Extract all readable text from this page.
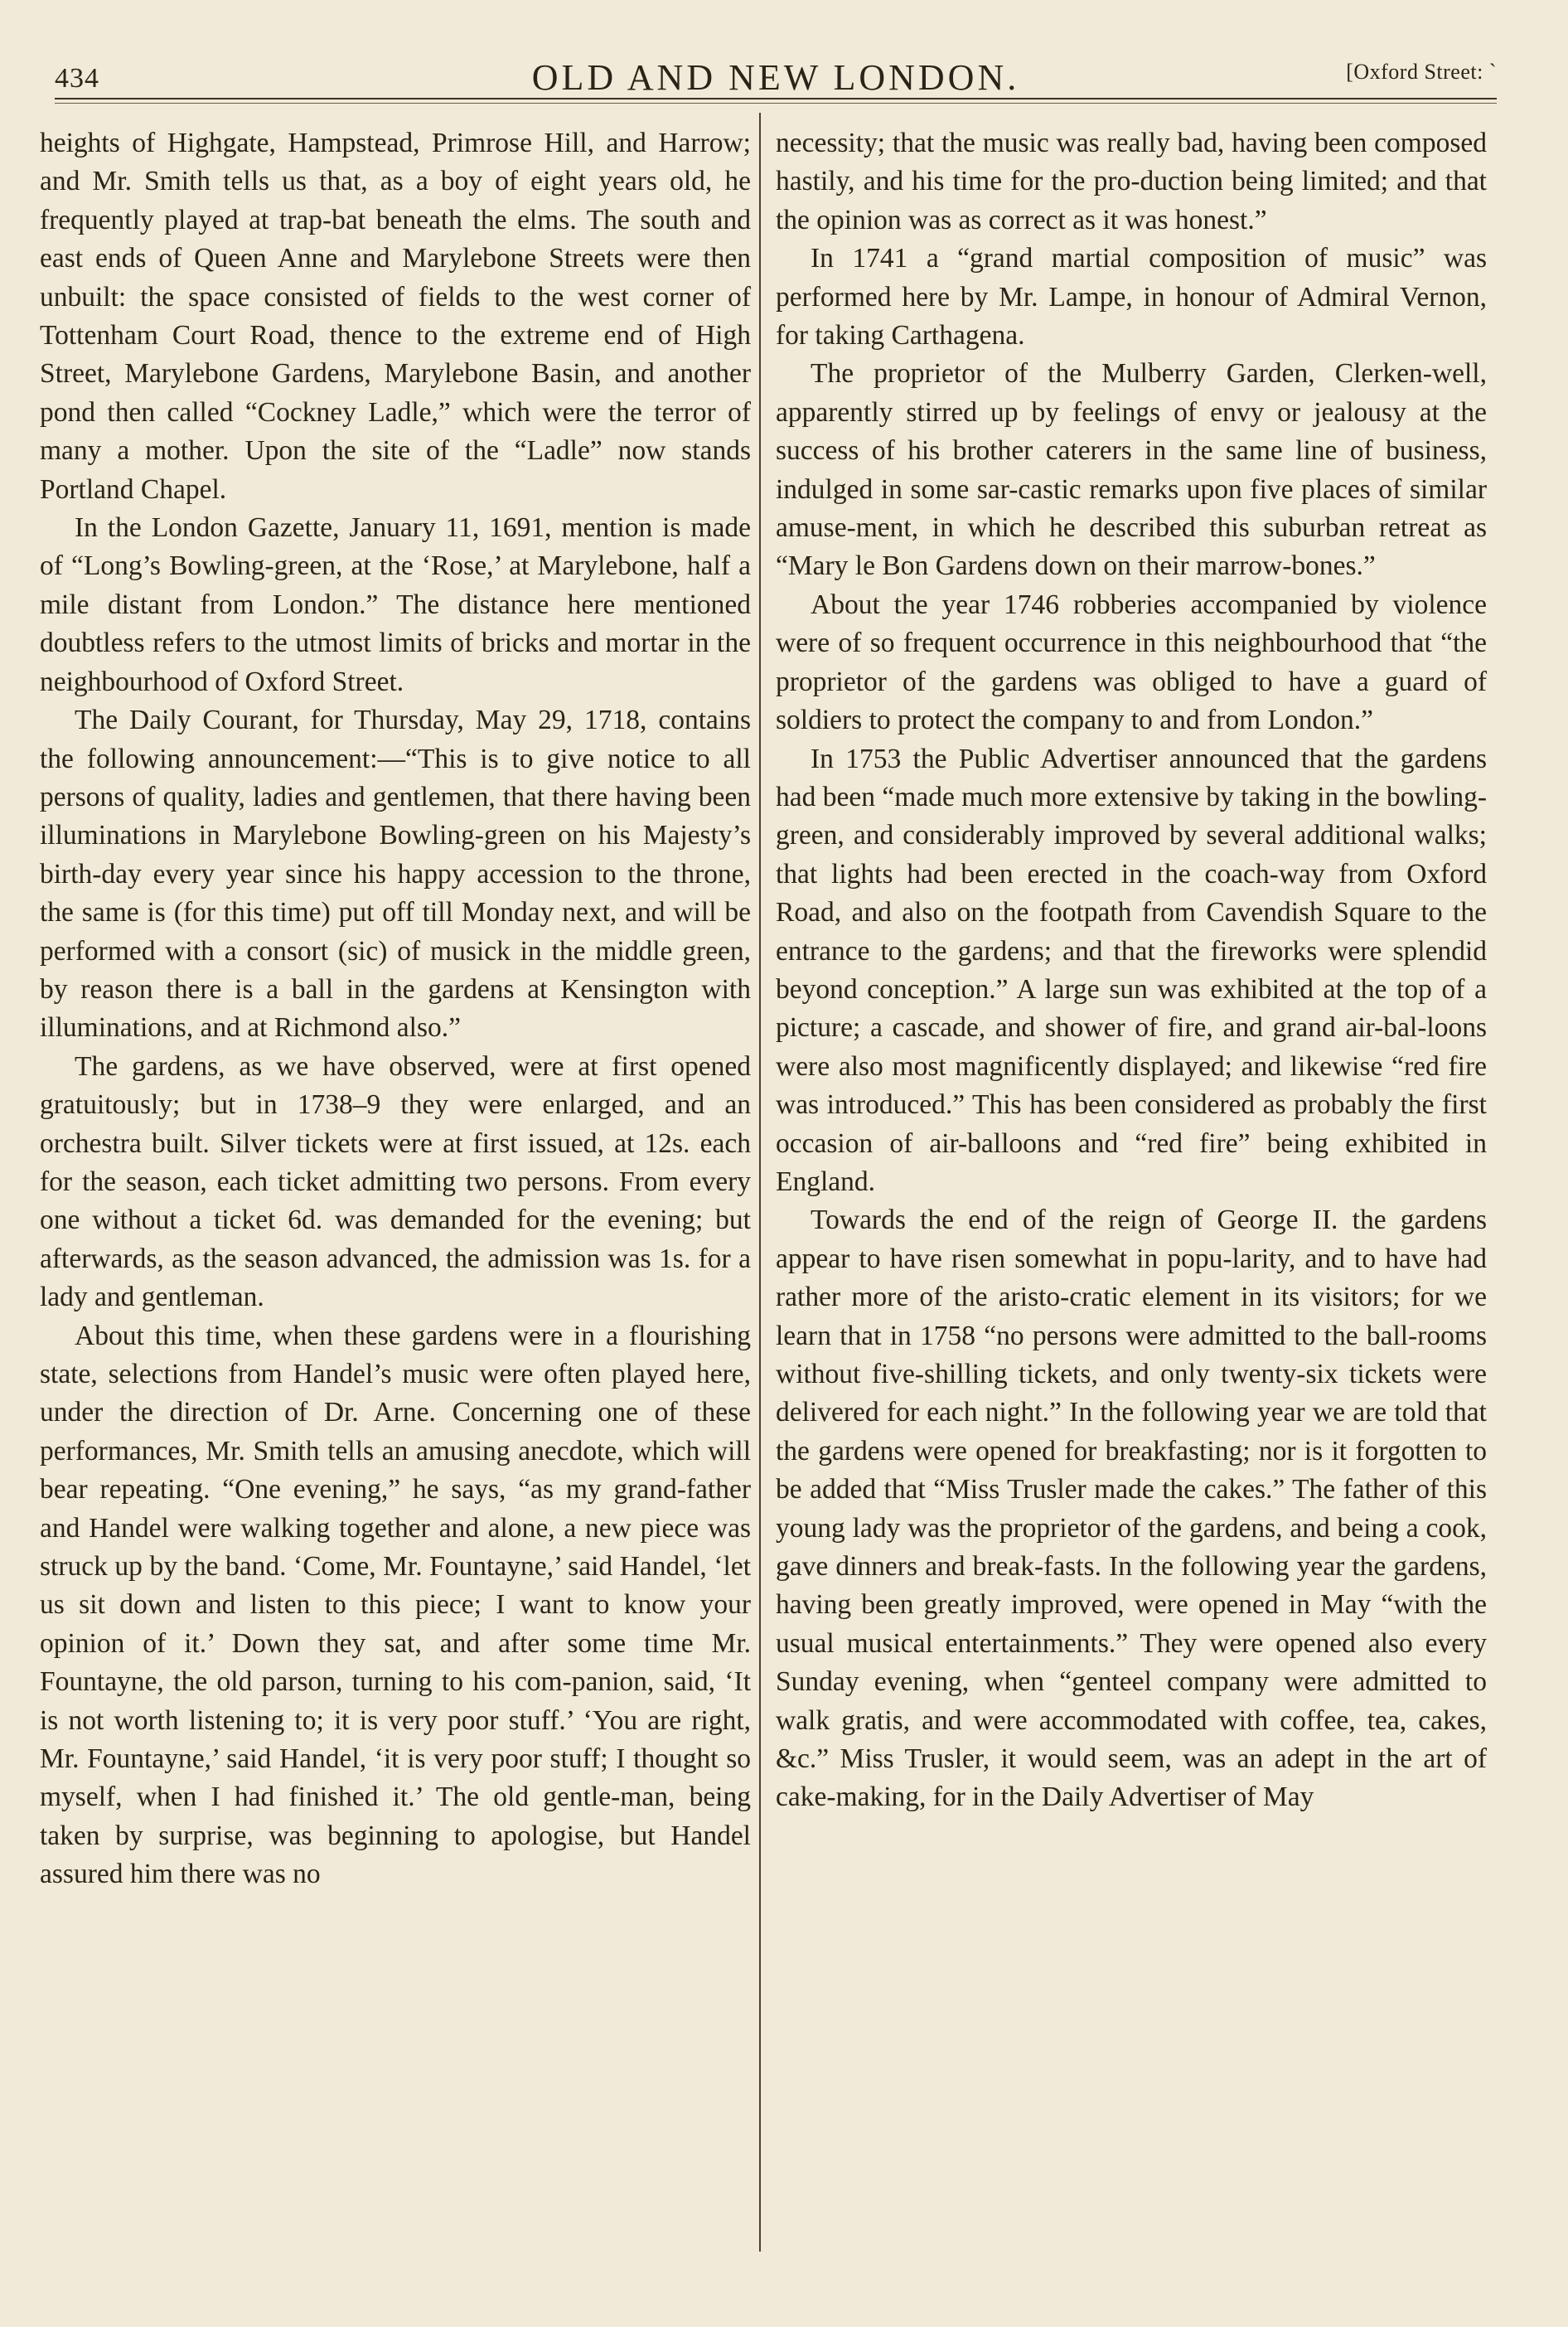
434	OLD AND NEW LONDON.	[Oxford Street: `

heights of Highgate, Hampstead, Primrose Hill, and Harrow; and Mr. Smith tells us that, as a boy of eight years old, he frequently played at trap-bat beneath the elms. The south and east ends of Queen Anne and Marylebone Streets were then unbuilt: the space consisted of fields to the west corner of Tottenham Court Road, thence to the extreme end of High Street, Marylebone Gardens, Marylebone Basin, and another pond then called “Cockney Ladle,” which were the terror of many a mother. Upon the site of the “Ladle” now stands Portland Chapel.

In the London Gazette, January 11, 1691, mention is made of “Long’s Bowling-green, at the ‘Rose,’ at Marylebone, half a mile distant from London.” The distance here mentioned doubtless refers to the utmost limits of bricks and mortar in the neighbourhood of Oxford Street.

The Daily Courant, for Thursday, May 29, 1718, contains the following announcement:—“This is to give notice to all persons of quality, ladies and gentlemen, that there having been illuminations in Marylebone Bowling-green on his Majesty’s birth-day every year since his happy accession to the throne, the same is (for this time) put off till Monday next, and will be performed with a consort (sic) of musick in the middle green, by reason there is a ball in the gardens at Kensington with illuminations, and at Richmond also.”

The gardens, as we have observed, were at first opened gratuitously; but in 1738–9 they were enlarged, and an orchestra built. Silver tickets were at first issued, at 12s. each for the season, each ticket admitting two persons. From every one without a ticket 6d. was demanded for the evening; but afterwards, as the season advanced, the admission was 1s. for a lady and gentleman.

About this time, when these gardens were in a flourishing state, selections from Handel’s music were often played here, under the direction of Dr. Arne. Concerning one of these performances, Mr. Smith tells an amusing anecdote, which will bear repeating. “One evening,” he says, “as my grand-father and Handel were walking together and alone, a new piece was struck up by the band. ‘Come, Mr. Fountayne,’ said Handel, ‘let us sit down and listen to this piece; I want to know your opinion of it.’ Down they sat, and after some time Mr. Fountayne, the old parson, turning to his com-panion, said, ‘It is not worth listening to; it is very poor stuff.’ ‘You are right, Mr. Fountayne,’ said Handel, ‘it is very poor stuff; I thought so myself, when I had finished it.’ The old gentle-man, being taken by surprise, was beginning to apologise, but Handel assured him there was no

necessity; that the music was really bad, having been composed hastily, and his time for the pro-duction being limited; and that the opinion was as correct as it was honest.”

In 1741 a “grand martial composition of music” was performed here by Mr. Lampe, in honour of Admiral Vernon, for taking Carthagena.

The proprietor of the Mulberry Garden, Clerken-well, apparently stirred up by feelings of envy or jealousy at the success of his brother caterers in the same line of business, indulged in some sar-castic remarks upon five places of similar amuse-ment, in which he described this suburban retreat as “Mary le Bon Gardens down on their marrow-bones.”

About the year 1746 robberies accompanied by violence were of so frequent occurrence in this neighbourhood that “the proprietor of the gardens was obliged to have a guard of soldiers to protect the company to and from London.”

In 1753 the Public Advertiser announced that the gardens had been “made much more extensive by taking in the bowling-green, and considerably improved by several additional walks; that lights had been erected in the coach-way from Oxford Road, and also on the footpath from Cavendish Square to the entrance to the gardens; and that the fireworks were splendid beyond conception.” A large sun was exhibited at the top of a picture; a cascade, and shower of fire, and grand air-bal-loons were also most magnificently displayed; and likewise “red fire was introduced.” This has been considered as probably the first occasion of air-balloons and “red fire” being exhibited in England.

Towards the end of the reign of George II. the gardens appear to have risen somewhat in popu-larity, and to have had rather more of the aristo-cratic element in its visitors; for we learn that in 1758 “no persons were admitted to the ball-rooms without five-shilling tickets, and only twenty-six tickets were delivered for each night.” In the following year we are told that the gardens were opened for breakfasting; nor is it forgotten to be added that “Miss Trusler made the cakes.” The father of this young lady was the proprietor of the gardens, and being a cook, gave dinners and break-fasts. In the following year the gardens, having been greatly improved, were opened in May “with the usual musical entertainments.” They were opened also every Sunday evening, when “genteel company were admitted to walk gratis, and were accommodated with coffee, tea, cakes, &c.” Miss Trusler, it would seem, was an adept in the art of cake-making, for in the Daily Advertiser of May
